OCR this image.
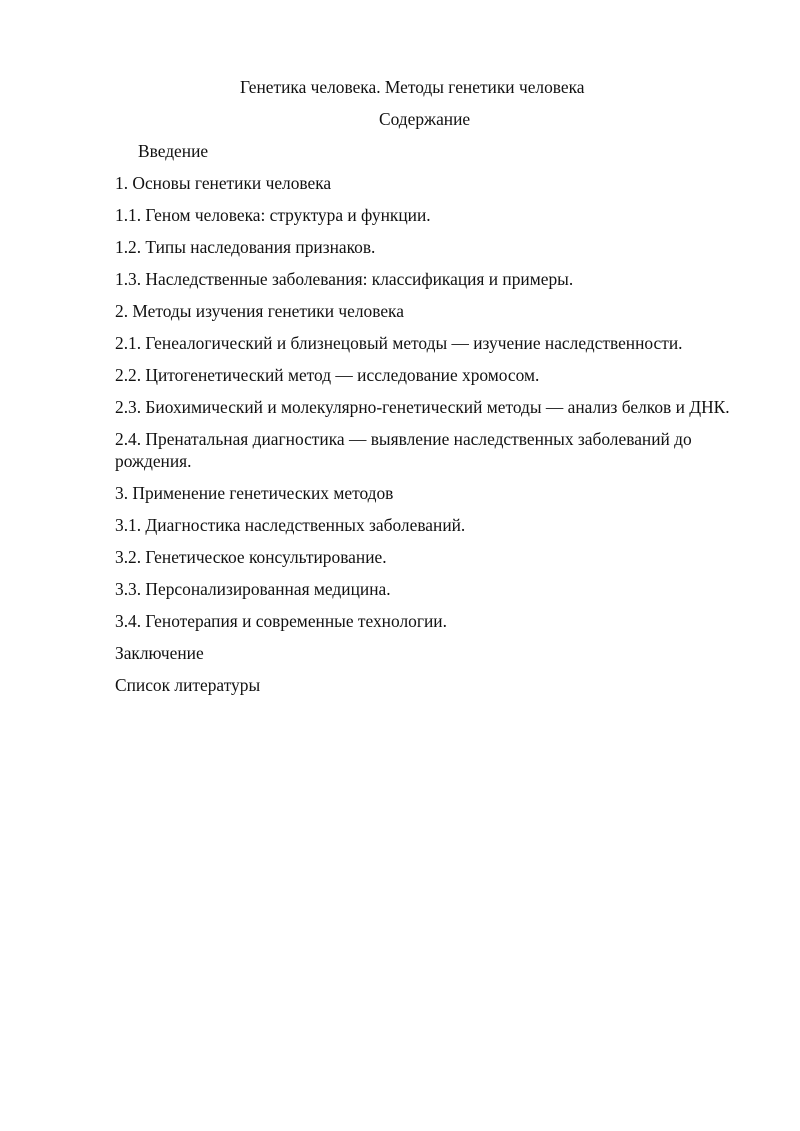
Генетика человека. Методы генетики человека
Содержание
Введение
1. Основы генетики человека
1.1. Геном человека: структура и функции.
1.2. Типы наследования признаков.
1.3. Наследственные заболевания: классификация и примеры.
2. Методы изучения генетики человека
2.1. Генеалогический и близнецовый методы — изучение наследственности.
2.2. Цитогенетический метод — исследование хромосом.
2.3. Биохимический и молекулярно-генетический методы — анализ белков и ДНК.
2.4. Пренатальная диагностика — выявление наследственных заболеваний до рождения.
3. Применение генетических методов
3.1. Диагностика наследственных заболеваний.
3.2. Генетическое консультирование.
3.3. Персонализированная медицина.
3.4. Генотерапия и современные технологии.
Заключение
Список литературы
